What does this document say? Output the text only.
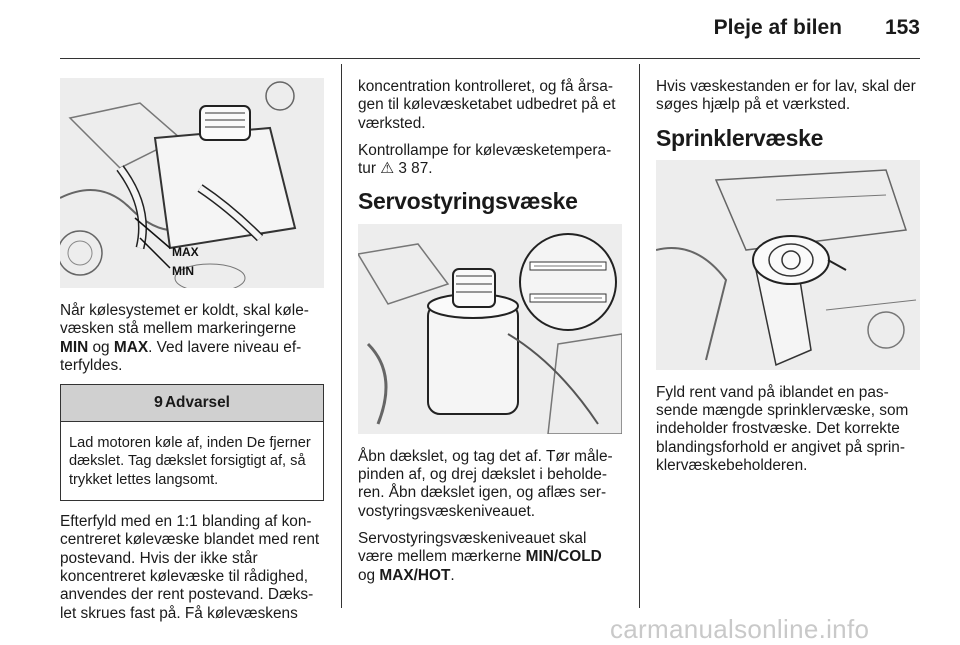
Pleje af bilen 153
MAX
MIN

Når kølesystemet er koldt, skal kølevæsken stå mellem markeringerne MIN og MAX. Ved lavere niveau efterfyldes.

9 Advarsel
Lad motoren køle af, inden De fjerner dækslet. Tag dækslet forsigtigt af, så trykket lettes langsomt.

Efterfyld med en 1:1 blanding af koncentreret kølevæske blandet med rent postevand. Hvis der ikke står koncentreret kølevæske til rådighed, anvendes der rent postevand. Dækslet skrues fast på. Få kølevæskens

koncentration kontrolleret, og få årsagen til kølevæsketabet udbedret på et værksted.

Kontrollampe for kølevæsketemperatur ⚠ 3 87.

Servostyringsvæske

Åbn dækslet, og tag det af. Tør målepinden af, og drej dækslet i beholderen. Åbn dækslet igen, og aflæs servostyringsvæskeniveauet.

Servostyringsvæskeniveauet skal være mellem mærkerne MIN/COLD og MAX/HOT.

Hvis væskestanden er for lav, skal der søges hjælp på et værksted.

Sprinklervæske

Fyld rent vand på iblandet en passende mængde sprinklervæske, som indeholder frostvæske. Det korrekte blandingsforhold er angivet på sprinklervæskebeholderen.

carmanualsonline.info
